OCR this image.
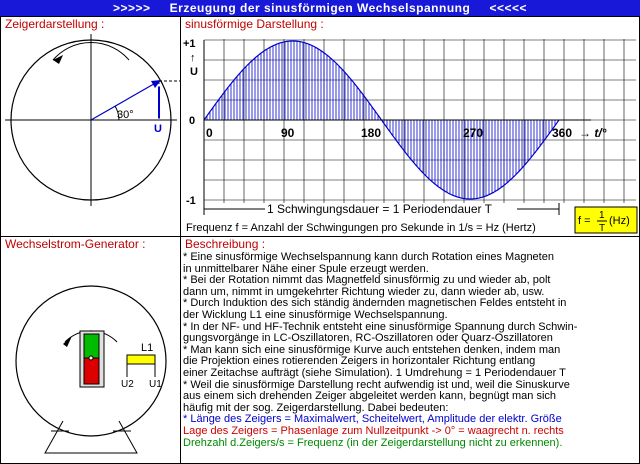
>>>>>     Erzeugung der sinusförmigen Wechselspannung     <<<<<
Zeigerdarstellung :
30°
U
sinusförmige Darstellung :
+1
↑
U
0
-1
0	90	180	270	360 → t/°
1 Schwingungsdauer = 1 Periodendauer T
Frequenz f = Anzahl der Schwingungen pro Sekunde in 1/s = Hz (Hertz)
f = 1
T
(Hz)
Wechselstrom-Generator :
L1
U2 U1
Beschreibung :
* Eine sinusförmige Wechselspannung kann durch Rotation eines Magneten
in unmittelbarer Nähe einer Spule erzeugt werden.
* Bei der Rotation nimmt das Magnetfeld sinusförmig zu und wieder ab, polt
dann um, nimmt in umgekehrter Richtung wieder zu, dann wieder ab, usw.
* Durch Induktion des sich ständig ändernden magnetischen Feldes entsteht in
der Wicklung L1 eine sinusförmige Wechselspannung.
* In der NF- und HF-Technik entsteht eine sinusförmige Spannung durch Schwin-
gungsvorgänge in LC-Oszillatoren, RC-Oszillatoren oder Quarz-Oszillatoren
* Man kann sich eine sinusförmige Kurve auch entstehen denken, indem man
die Projektion eines rotierenden Zeigers in horizontaler Richtung entlang
einer Zeitachse aufträgt (siehe Simulation). 1 Umdrehung = 1 Periodendauer T
* Weil die sinusförmige Darstellung recht aufwendig ist und, weil die Sinuskurve
aus einem sich drehenden Zeiger abgeleitet werden kann, begnügt man sich
häufig mit der sog. Zeigerdarstellung. Dabei bedeuten:
* Länge des Zeigers = Maximalwert, Scheitelwert, Amplitude der elektr. Größe
Lage des Zeigers = Phasenlage zum Nullzeitpunkt -> 0° = waagrecht n. rechts
Drehzahl d.Zeigers/s = Frequenz (in der Zeigerdarstellung nicht zu erkennen).
